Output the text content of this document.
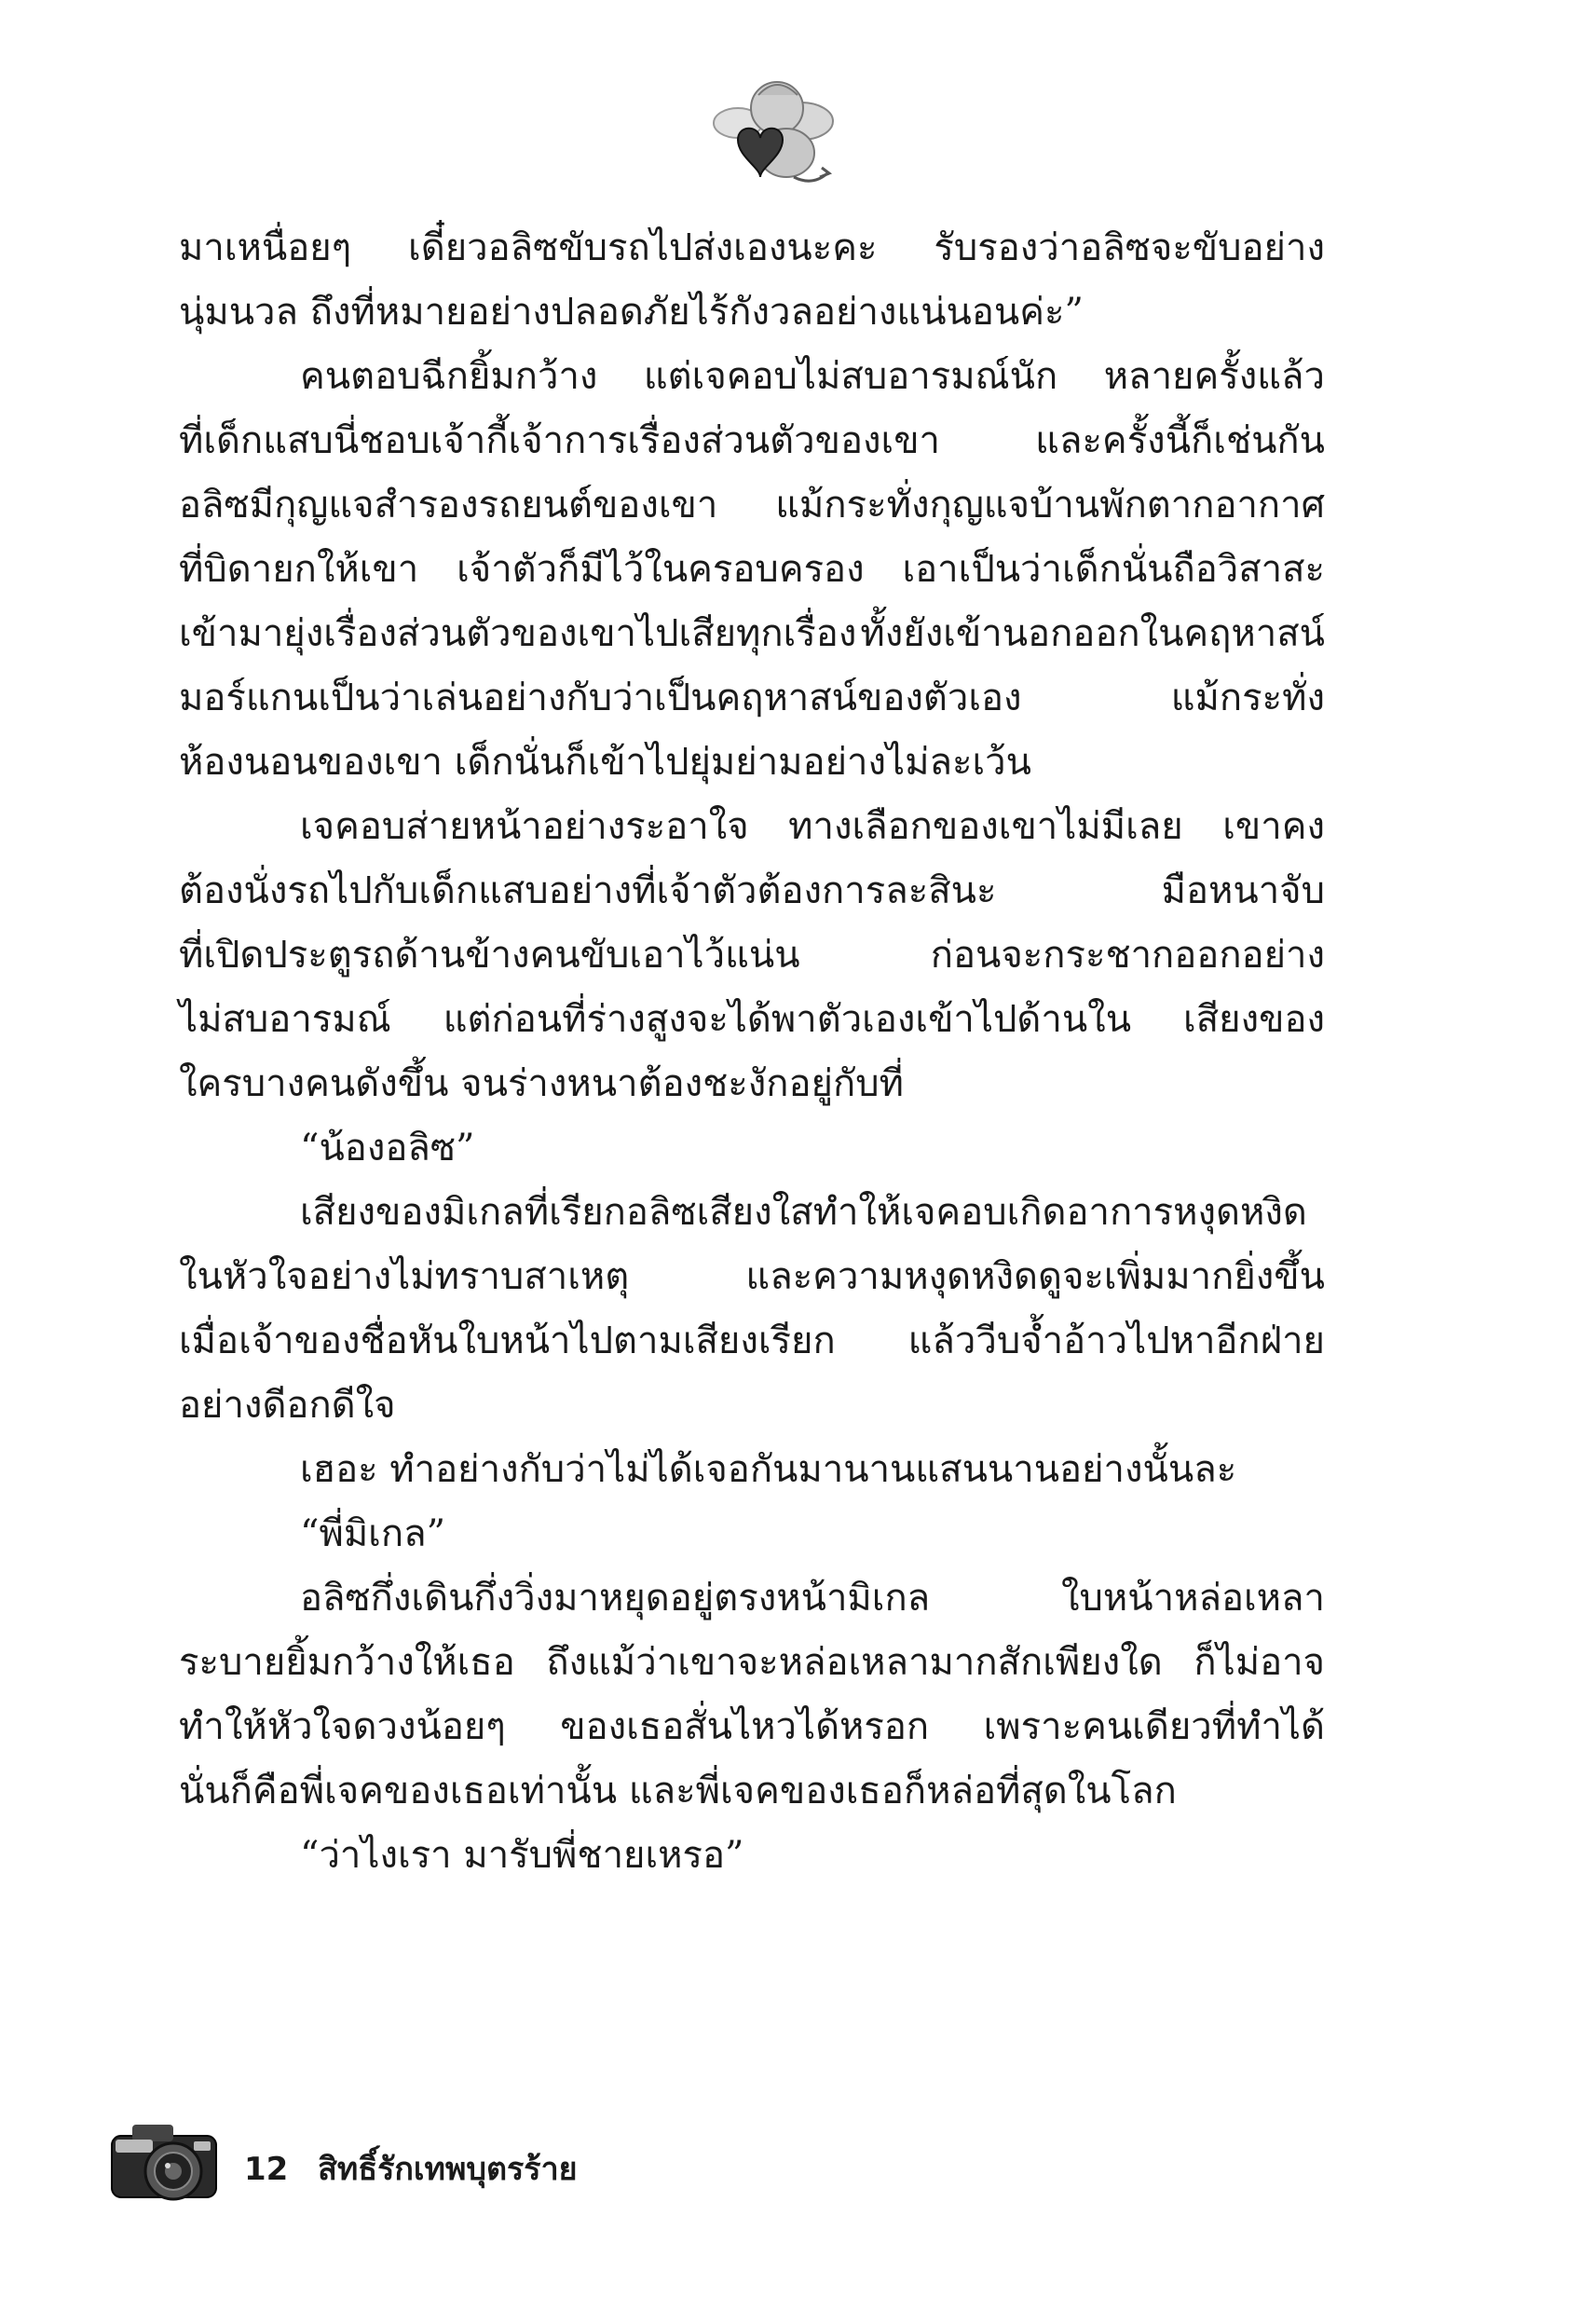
มาเหนื่อยๆ เดี๋ยวอลิซขับรถไปส่งเองนะคะ รับรองว่าอลิซจะขับอย่าง
นุ่มนวล ถึงที่หมายอย่างปลอดภัยไร้กังวลอย่างแน่นอนค่ะ”
คนตอบฉีกยิ้มกว้าง แต่เจคอบไม่สบอารมณ์นัก หลายครั้งแล้ว
ที่เด็กแสบนี่ชอบเจ้ากี้เจ้าการเรื่องส่วนตัวของเขา	และครั้งนี้ก็เช่นกัน
อลิซมีกุญแจสำรองรถยนต์ของเขา แม้กระทั่งกุญแจบ้านพักตากอากาศ
ที่บิดายกให้เขา เจ้าตัวก็มีไว้ในครอบครอง เอาเป็นว่าเด็กนั่นถือวิสาสะ
เข้ามายุ่งเรื่องส่วนตัวของเขาไปเสียทุกเรื่อง ทั้งยังเข้านอกออกในคฤหาสน์
มอร์แกนเป็นว่าเล่นอย่างกับว่าเป็นคฤหาสน์ของตัวเอง	แม้กระทั่ง
ห้องนอนของเขา เด็กนั่นก็เข้าไปยุ่มย่ามอย่างไม่ละเว้น
เจคอบส่ายหน้าอย่างระอาใจ ทางเลือกของเขาไม่มีเลย เขาคง
ต้องนั่งรถไปกับเด็กแสบอย่างที่เจ้าตัวต้องการละสินะ	มือหนาจับ
ที่เปิดประตูรถด้านข้างคนขับเอาไว้แน่น	ก่อนจะกระชากออกอย่าง
ไม่สบอารมณ์ แต่ก่อนที่ร่างสูงจะได้พาตัวเองเข้าไปด้านใน เสียงของ
ใครบางคนดังขึ้น จนร่างหนาต้องชะงักอยู่กับที่
“น้องอลิซ”
เสียงของมิเกลที่เรียกอลิซเสียงใสทำให้เจคอบเกิดอาการหงุดหงิด
ในหัวใจอย่างไม่ทราบสาเหตุ	และความหงุดหงิดดูจะเพิ่มมากยิ่งขึ้น
เมื่อเจ้าของชื่อหันใบหน้าไปตามเสียงเรียก แล้ววีบจ้ำอ้าวไปหาอีกฝ่าย
อย่างดีอกดีใจ
เฮอะ ทำอย่างกับว่าไม่ได้เจอกันมานานแสนนานอย่างนั้นละ
“พี่มิเกล”
อลิซกึ่งเดินกึ่งวิ่งมาหยุดอยู่ตรงหน้ามิเกล	ใบหน้าหล่อเหลา
ระบายยิ้มกว้างให้เธอ ถึงแม้ว่าเขาจะหล่อเหลามากสักเพียงใด ก็ไม่อาจ
ทำให้หัวใจดวงน้อยๆ ของเธอสั่นไหวได้หรอก เพราะคนเดียวที่ทำได้
นั่นก็คือพี่เจคของเธอเท่านั้น และพี่เจคของเธอก็หล่อที่สุดในโลก
“ว่าไงเรา มารับพี่ชายเหรอ”
12 สิทธิ์รักเทพบุตรร้าย
